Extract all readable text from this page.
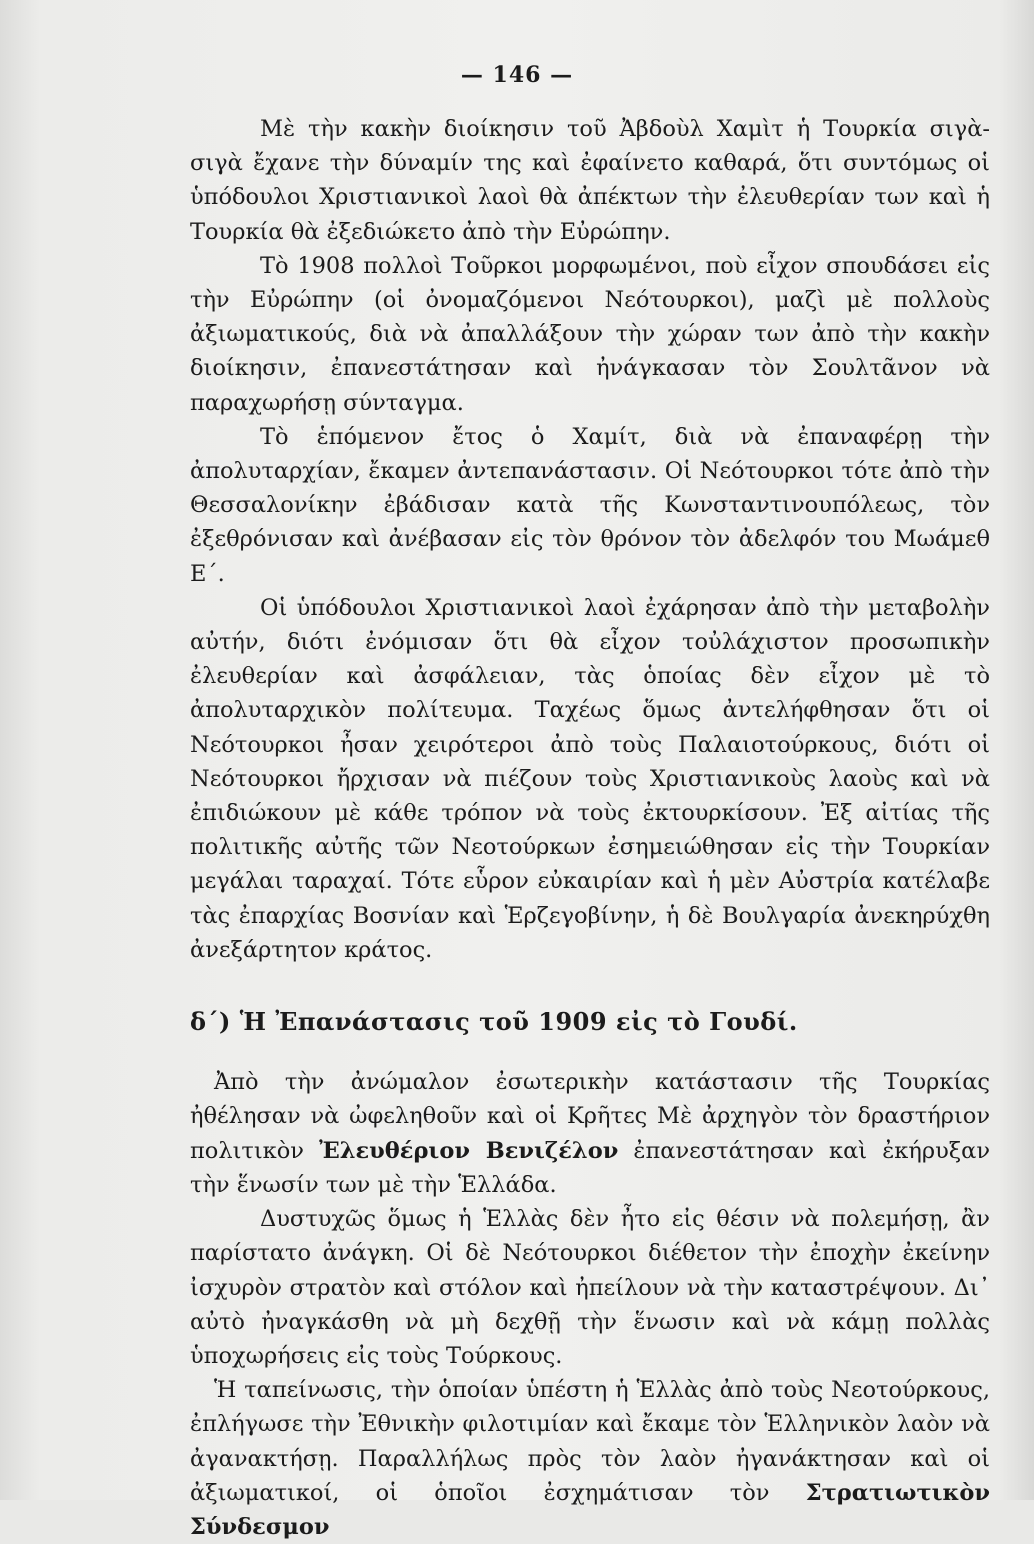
— 146 —

Μὲ τὴν κακὴν διοίκησιν τοῦ Ἀβδοὺλ Χαμὶτ ἡ Τουρκία σιγὰ-σιγὰ ἔχανε τὴν δύναμίν της καὶ ἐφαίνετο καθαρά, ὅτι συντόμως οἱ ὑπόδουλοι Χριστιανικοὶ λαοὶ θὰ ἀπέκτων τὴν ἐλευθερίαν των καὶ ἡ Τουρκία θὰ ἐξεδιώκετο ἀπὸ τὴν Εὐρώπην.

Τὸ 1908 πολλοὶ Τοῦρκοι μορφωμένοι, ποὺ εἶχον σπουδάσει εἰς τὴν Εὐρώπην (οἱ ὀνομαζόμενοι Νεότουρκοι), μαζὶ μὲ πολλοὺς ἀξιωματικούς, διὰ νὰ ἀπαλλάξουν τὴν χώραν των ἀπὸ τὴν κακὴν διοίκησιν, ἐπανεστάτησαν καὶ ἠνάγκασαν τὸν Σουλτᾶνον νὰ παραχωρήσῃ σύνταγμα.

Τὸ ἑπόμενον ἔτος ὁ Χαμίτ, διὰ νὰ ἐπαναφέρῃ τὴν ἀπολυταρχίαν, ἔκαμεν ἀντεπανάστασιν. Οἱ Νεότουρκοι τότε ἀπὸ τὴν Θεσσαλονίκην ἐβάδισαν κατὰ τῆς Κωνσταντινουπόλεως, τὸν ἐξεθρόνισαν καὶ ἀνέβασαν εἰς τὸν θρόνον τὸν ἀδελφόν του Μωάμεθ Ε΄.

Οἱ ὑπόδουλοι Χριστιανικοὶ λαοὶ ἐχάρησαν ἀπὸ τὴν μεταβολὴν αὐτήν, διότι ἐνόμισαν ὅτι θὰ εἶχον τοὐλάχιστον προσωπικὴν ἐλευθερίαν καὶ ἀσφάλειαν, τὰς ὁποίας δὲν εἶχον μὲ τὸ ἀπολυταρχικὸν πολίτευμα. Ταχέως ὅμως ἀντελήφθησαν ὅτι οἱ Νεότουρκοι ἦσαν χειρότεροι ἀπὸ τοὺς Παλαιοτούρκους, διότι οἱ Νεότουρκοι ἤρχισαν νὰ πιέζουν τοὺς Χριστιανικοὺς λαοὺς καὶ νὰ ἐπιδιώκουν μὲ κάθε τρόπον νὰ τοὺς ἐκτουρκίσουν. Ἐξ αἰτίας τῆς πολιτικῆς αὐτῆς τῶν Νεοτούρκων ἐσημειώθησαν εἰς τὴν Τουρκίαν μεγάλαι ταραχαί. Τότε εὗρον εὐκαιρίαν καὶ ἡ μὲν Αὐστρία κατέλαβε τὰς ἐπαρχίας Βοσνίαν καὶ Ἑρζεγοβίνην, ἡ δὲ Βουλγαρία ἀνεκηρύχθη ἀνεξάρτητον κράτος.

δ΄) Ἡ Ἐπανάστασις τοῦ 1909 εἰς τὸ Γουδί.

Ἀπὸ τὴν ἀνώμαλον ἐσωτερικὴν κατάστασιν τῆς Τουρκίας ἠθέλησαν νὰ ὠφεληθοῦν καὶ οἱ Κρῆτες Μὲ ἀρχηγὸν τὸν δραστήριον πολιτικὸν Ἐλευθέριον Βενιζέλον ἐπανεστάτησαν καὶ ἐκήρυξαν τὴν ἕνωσίν των μὲ τὴν Ἑλλάδα.

Δυστυχῶς ὅμως ἡ Ἑλλὰς δὲν ἦτο εἰς θέσιν νὰ πολεμήσῃ, ἂν παρίστατο ἀνάγκη. Οἱ δὲ Νεότουρκοι διέθετον τὴν ἐποχὴν ἐκείνην ἰσχυρὸν στρατὸν καὶ στόλον καὶ ἠπείλουν νὰ τὴν καταστρέψουν. Δι᾽ αὐτὸ ἠναγκάσθη νὰ μὴ δεχθῇ τὴν ἕνωσιν καὶ νὰ κάμῃ πολλὰς ὑποχωρήσεις εἰς τοὺς Τούρκους.

Ἡ ταπείνωσις, τὴν ὁποίαν ὑπέστη ἡ Ἑλλὰς ἀπὸ τοὺς Νεοτούρκους, ἐπλήγωσε τὴν Ἐθνικὴν φιλοτιμίαν καὶ ἔκαμε τὸν Ἑλληνικὸν λαὸν νὰ ἀγανακτήσῃ. Παραλλήλως πρὸς τὸν λαὸν ἠγανάκτησαν καὶ οἱ ἀξιωματικοί, οἱ ὁποῖοι ἐσχημάτισαν τὸν Στρατιωτικὸν Σύνδεσμον
